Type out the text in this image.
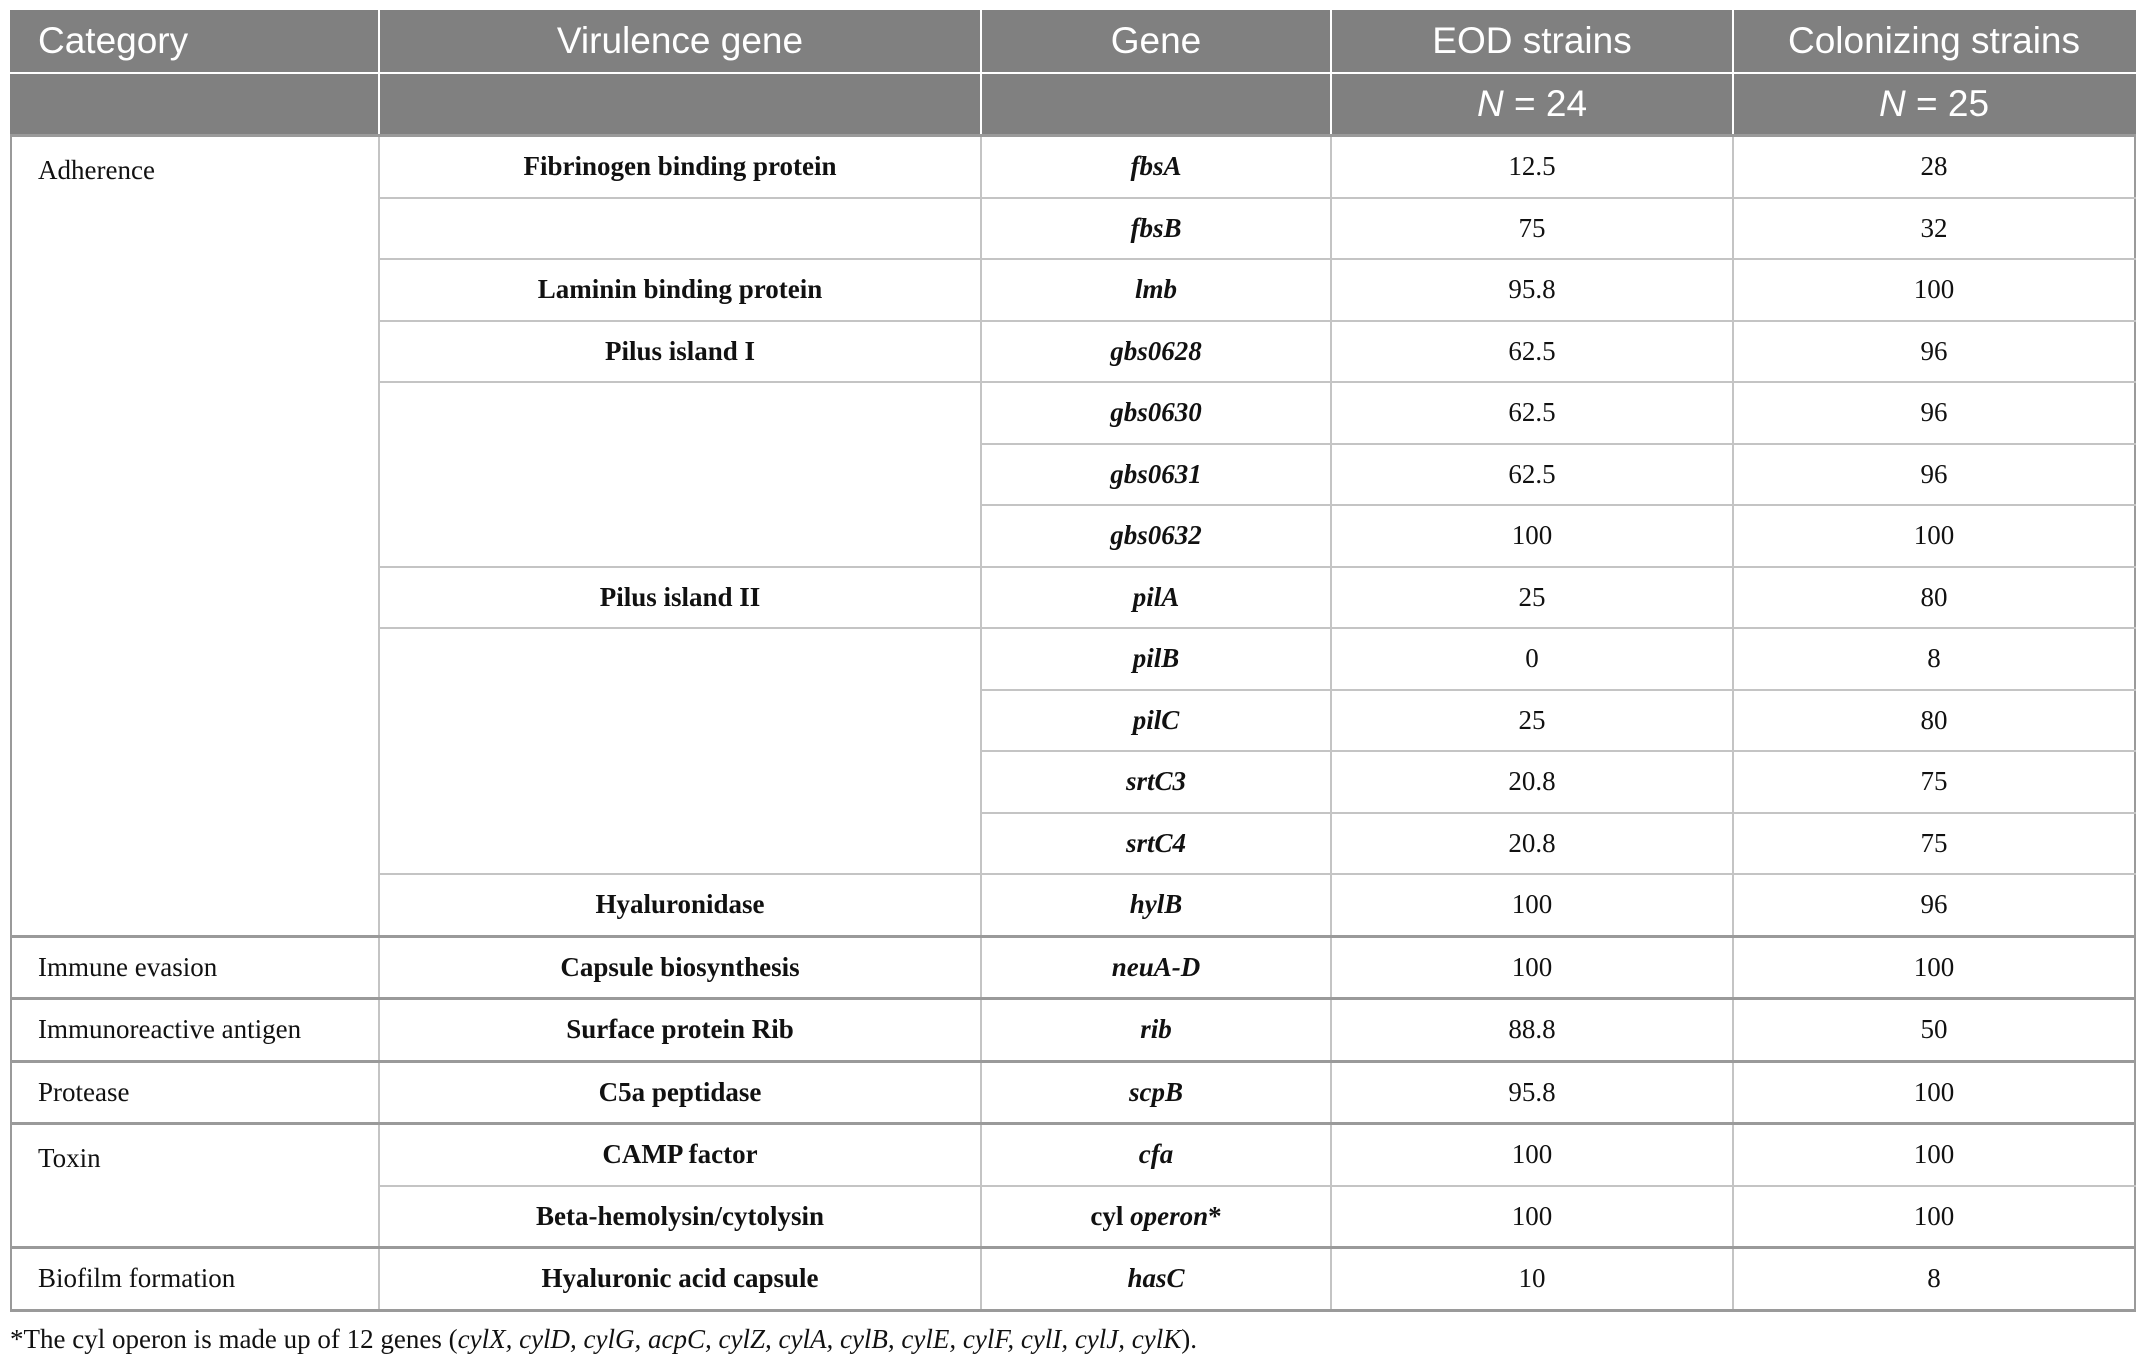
Category	Virulence gene	Gene	EOD strains	Colonizing strains
			N = 24	N = 25
Adherence	Fibrinogen binding protein	fbsA	12.5	28
		fbsB	75	32
	Laminin binding protein	lmb	95.8	100
	Pilus island I	gbs0628	62.5	96
		gbs0630	62.5	96
		gbs0631	62.5	96
		gbs0632	100	100
	Pilus island II	pilA	25	80
		pilB	0	8
		pilC	25	80
		srtC3	20.8	75
		srtC4	20.8	75
	Hyaluronidase	hylB	100	96
Immune evasion	Capsule biosynthesis	neuA-D	100	100
Immunoreactive antigen	Surface protein Rib	rib	88.8	50
Protease	C5a peptidase	scpB	95.8	100
Toxin	CAMP factor	cfa	100	100
	Beta-hemolysin/cytolysin	cyl operon*	100	100
Biofilm formation	Hyaluronic acid capsule	hasC	10	8
*The cyl operon is made up of 12 genes (cylX, cylD, cylG, acpC, cylZ, cylA, cylB, cylE, cylF, cylI, cylJ, cylK).
